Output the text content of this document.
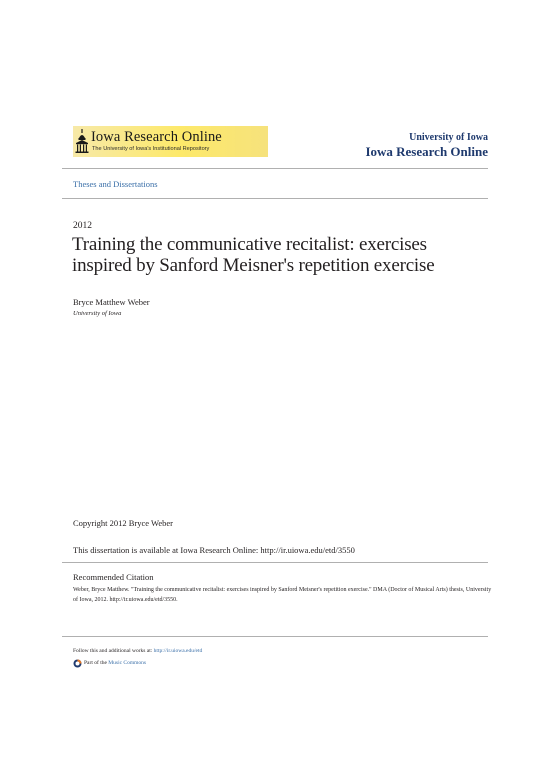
Iowa Research Online
The University of Iowa's Institutional Repository
University of Iowa
Iowa Research Online
Theses and Dissertations
2012
Training the communicative recitalist: exercises inspired by Sanford Meisner's repetition exercise
Bryce Matthew Weber
University of Iowa
Copyright 2012 Bryce Weber
This dissertation is available at Iowa Research Online: http://ir.uiowa.edu/etd/3550
Recommended Citation
Weber, Bryce Matthew. "Training the communicative recitalist: exercises inspired by Sanford Meisner's repetition exercise." DMA (Doctor of Musical Arts) thesis, University of Iowa, 2012. http://ir.uiowa.edu/etd/3550.
Follow this and additional works at: http://ir.uiowa.edu/etd
Part of the Music Commons
